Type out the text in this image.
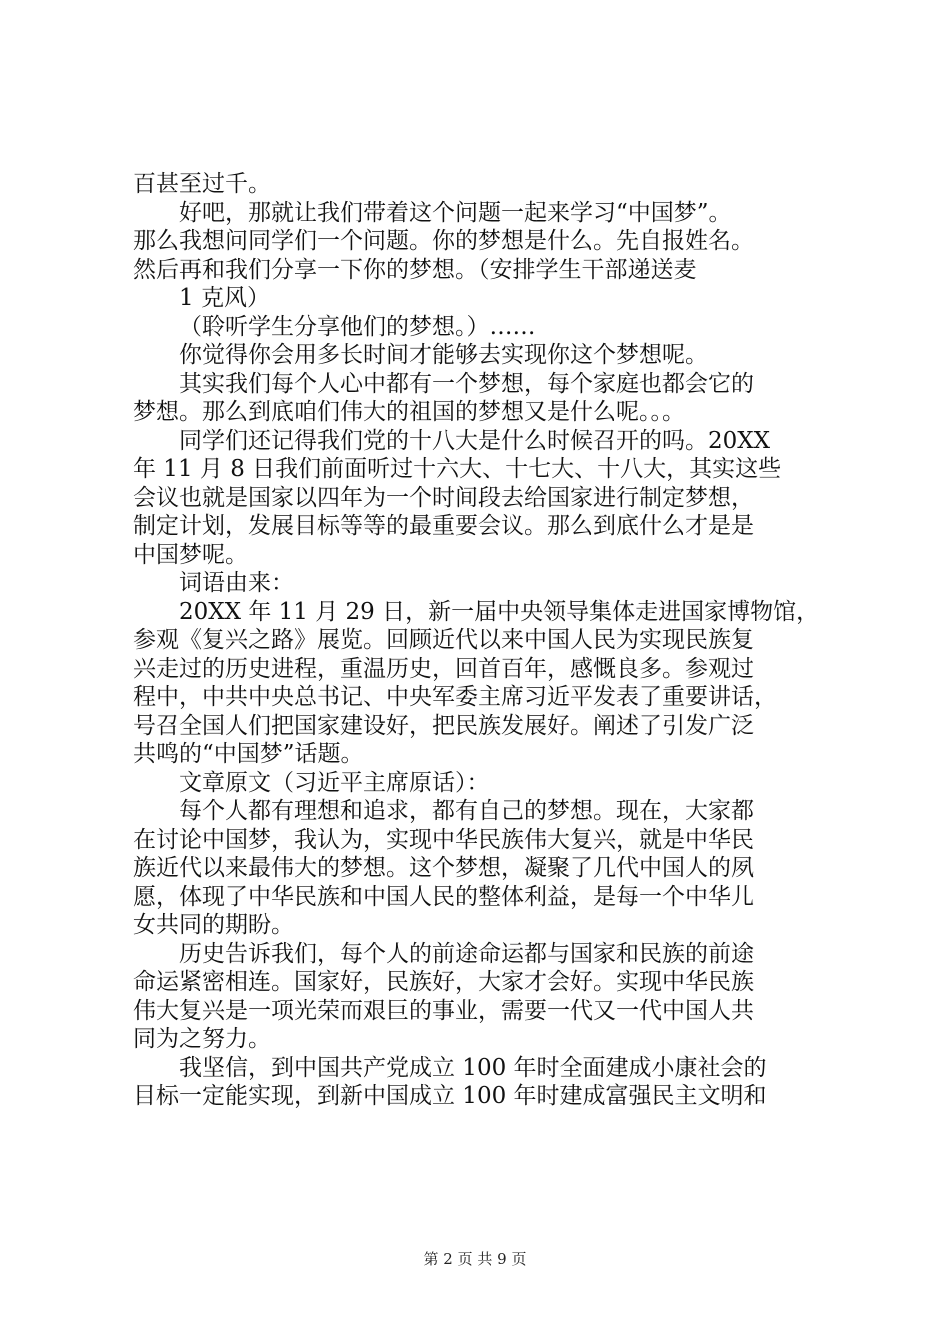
百甚至过千。
好吧，那就让我们带着这个问题一起来学习“中国梦”。
那么我想问同学们一个问题。你的梦想是什么。先自报姓名。
然后再和我们分享一下你的梦想。（安排学生干部递送麦
1 克风）
（聆听学生分享他们的梦想。）……
你觉得你会用多长时间才能够去实现你这个梦想呢。
其实我们每个人心中都有一个梦想，每个家庭也都会它的
梦想。那么到底咱们伟大的祖国的梦想又是什么呢。。。
同学们还记得我们党的十八大是什么时候召开的吗。20XX
年 11 月 8 日我们前面听过十六大、十七大、十八大，其实这些
会议也就是国家以四年为一个时间段去给国家进行制定梦想，
制定计划，发展目标等等的最重要会议。那么到底什么才是是
中国梦呢。
词语由来：
20XX 年 11 月 29 日，新一届中央领导集体走进国家博物馆，
参观《复兴之路》展览。回顾近代以来中国人民为实现民族复
兴走过的历史进程，重温历史，回首百年，感慨良多。参观过
程中，中共中央总书记、中央军委主席习近平发表了重要讲话，
号召全国人们把国家建设好，把民族发展好。阐述了引发广泛
共鸣的“中国梦”话题。
文章原文（习近平主席原话）：
每个人都有理想和追求，都有自己的梦想。现在，大家都
在讨论中国梦，我认为，实现中华民族伟大复兴，就是中华民
族近代以来最伟大的梦想。这个梦想，凝聚了几代中国人的夙
愿，体现了中华民族和中国人民的整体利益，是每一个中华儿
女共同的期盼。
历史告诉我们，每个人的前途命运都与国家和民族的前途
命运紧密相连。国家好，民族好，大家才会好。实现中华民族
伟大复兴是一项光荣而艰巨的事业，需要一代又一代中国人共
同为之努力。
我坚信，到中国共产党成立 100 年时全面建成小康社会的
目标一定能实现，到新中国成立 100 年时建成富强民主文明和
第 2 页 共 9 页
